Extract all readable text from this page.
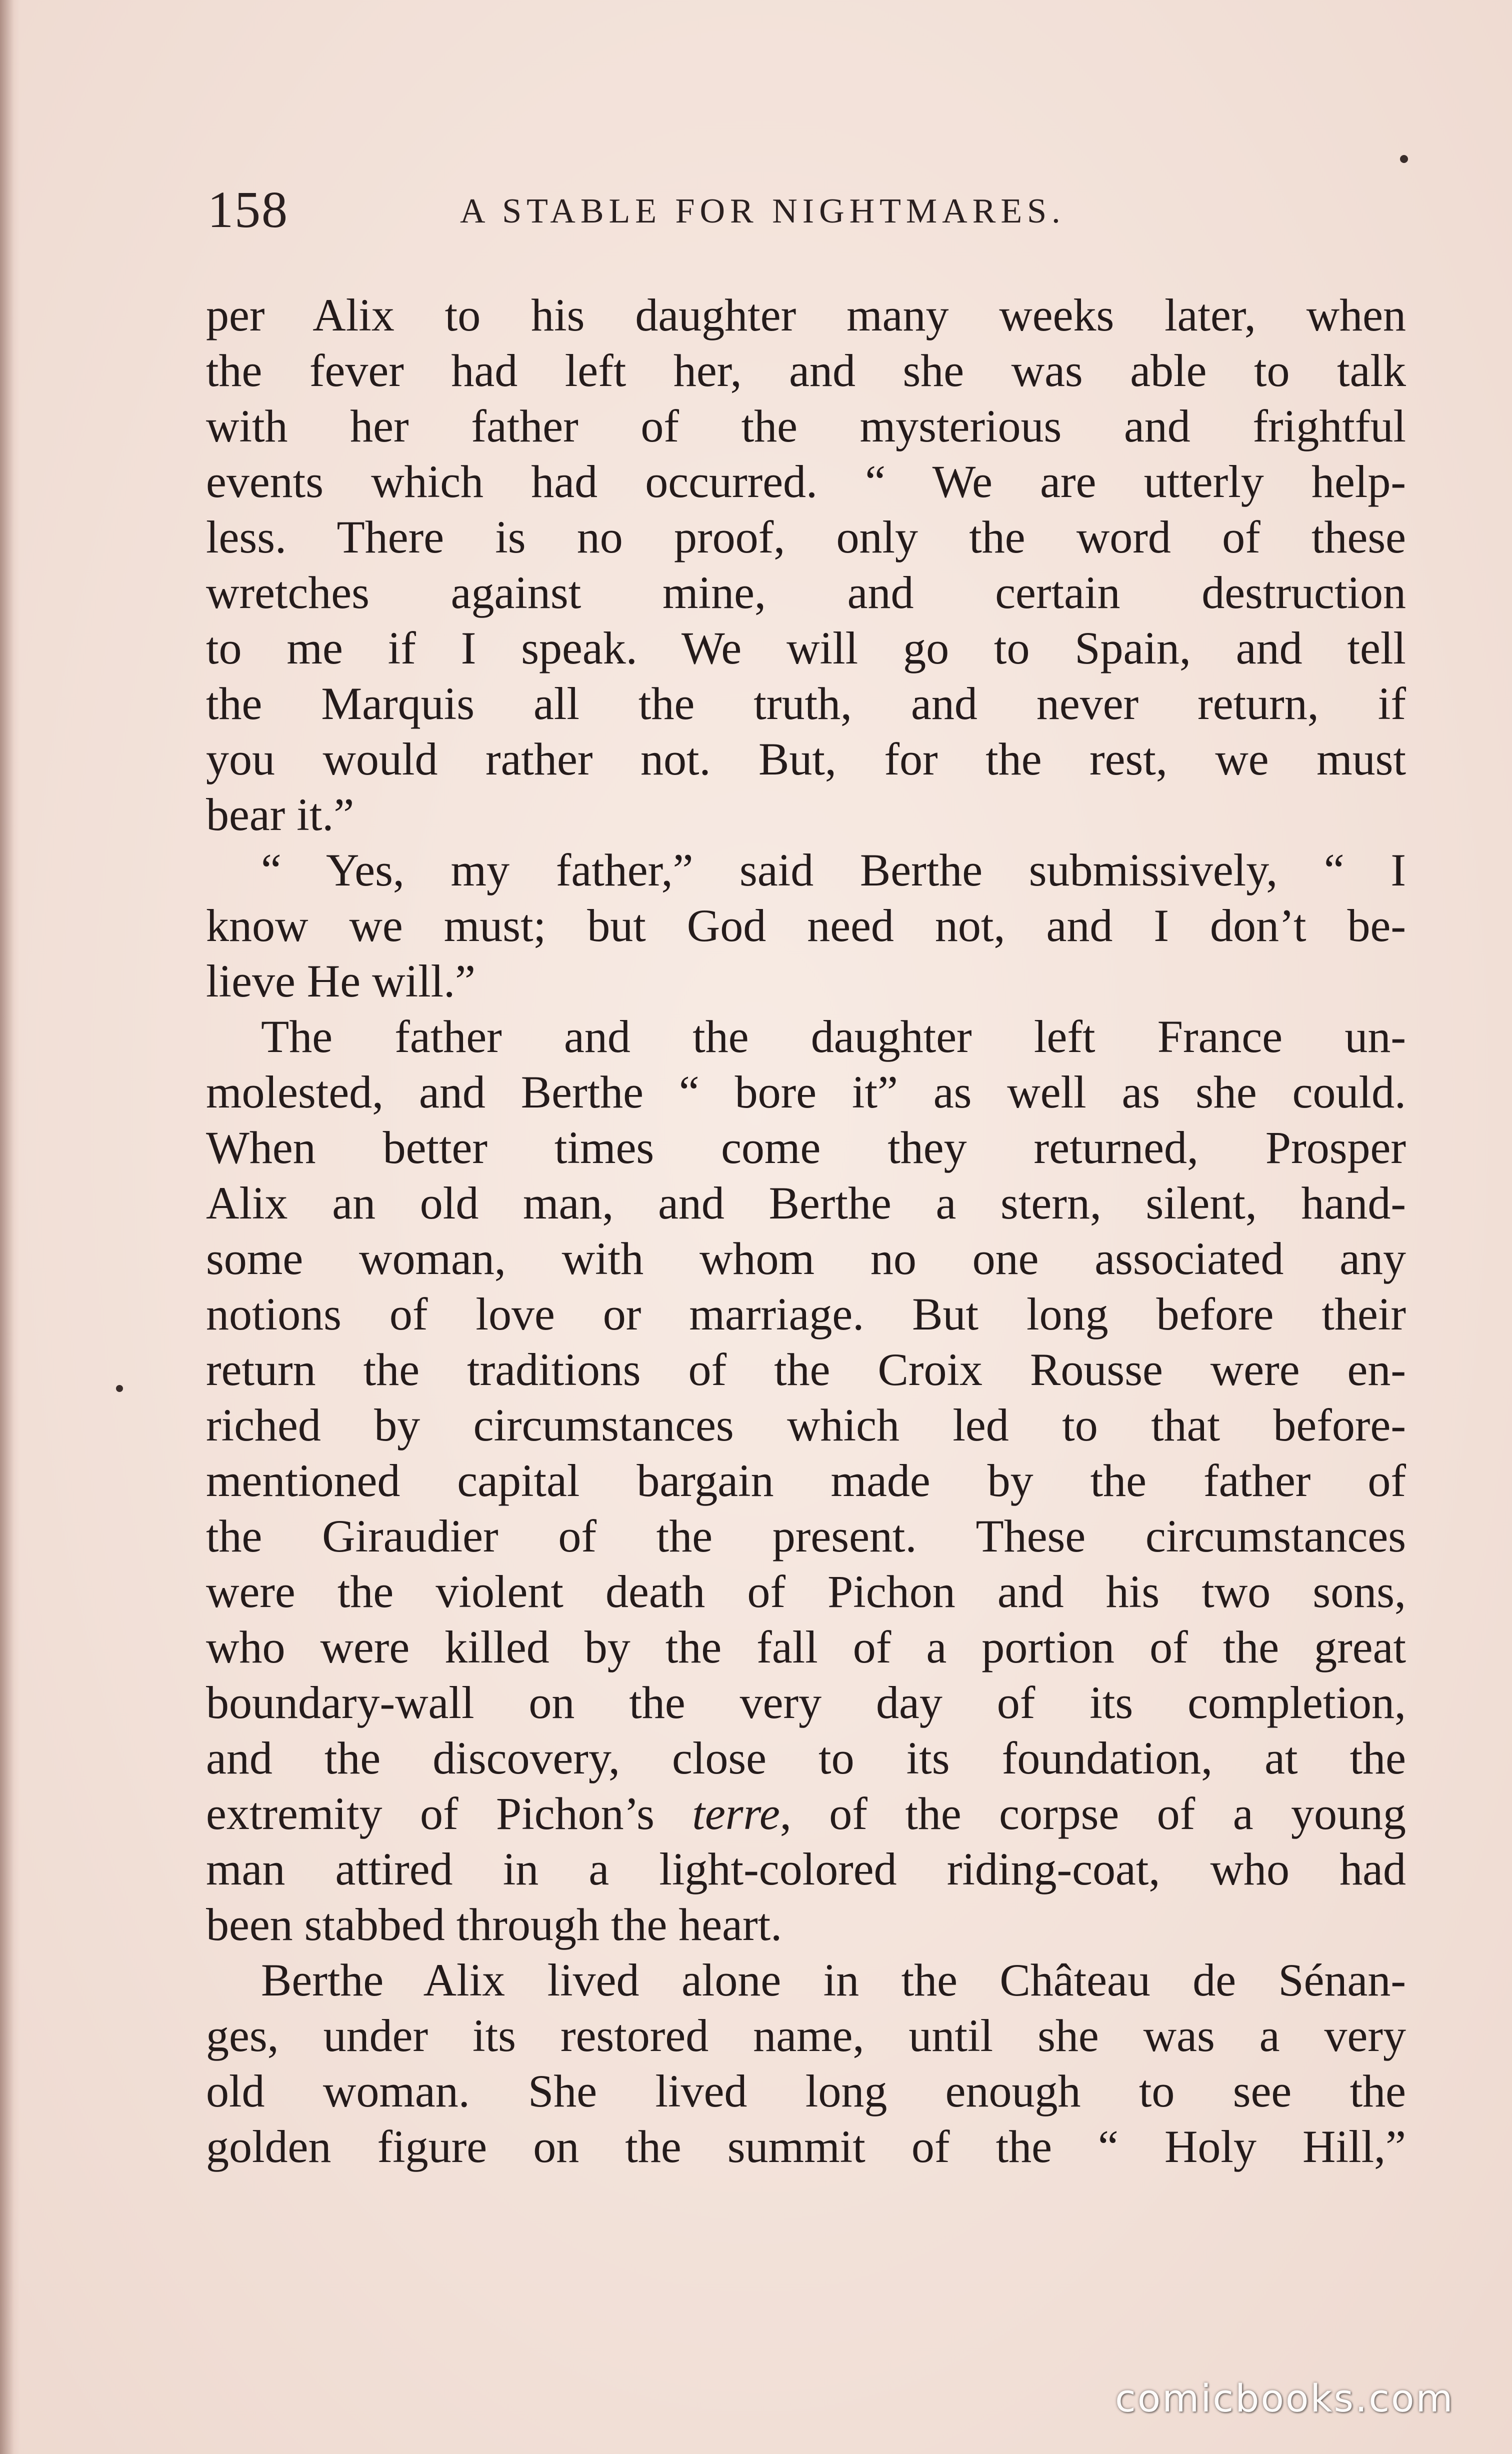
158	A STABLE FOR NIGHTMARES.
per Alix to his daughter many weeks later, when
the fever had left her, and she was able to talk
with her father of the mysterious and frightful
events which had occurred. “ We are utterly help-
less. There is no proof, only the word of these
wretches against mine, and certain destruction
to me if I speak. We will go to Spain, and tell
the Marquis all the truth, and never return, if
you would rather not. But, for the rest, we must
bear it.”
“ Yes, my father,” said Berthe submissively, “ I
know we must; but God need not, and I don’t be-
lieve He will.”
The father and the daughter left France un-
molested, and Berthe “ bore it” as well as she could.
When better times come they returned, Prosper
Alix an old man, and Berthe a stern, silent, hand-
some woman, with whom no one associated any
notions of love or marriage. But long before their
return the traditions of the Croix Rousse were en-
riched by circumstances which led to that before-
mentioned capital bargain made by the father of
the Giraudier of the present. These circumstances
were the violent death of Pichon and his two sons,
who were killed by the fall of a portion of the great
boundary-wall on the very day of its completion,
and the discovery, close to its foundation, at the
extremity of Pichon’s terre, of the corpse of a young
man attired in a light-colored riding-coat, who had
been stabbed through the heart.
Berthe Alix lived alone in the Château de Sénan-
ges, under its restored name, until she was a very
old woman. She lived long enough to see the
golden figure on the summit of the “ Holy Hill,”
comicbooks.com
